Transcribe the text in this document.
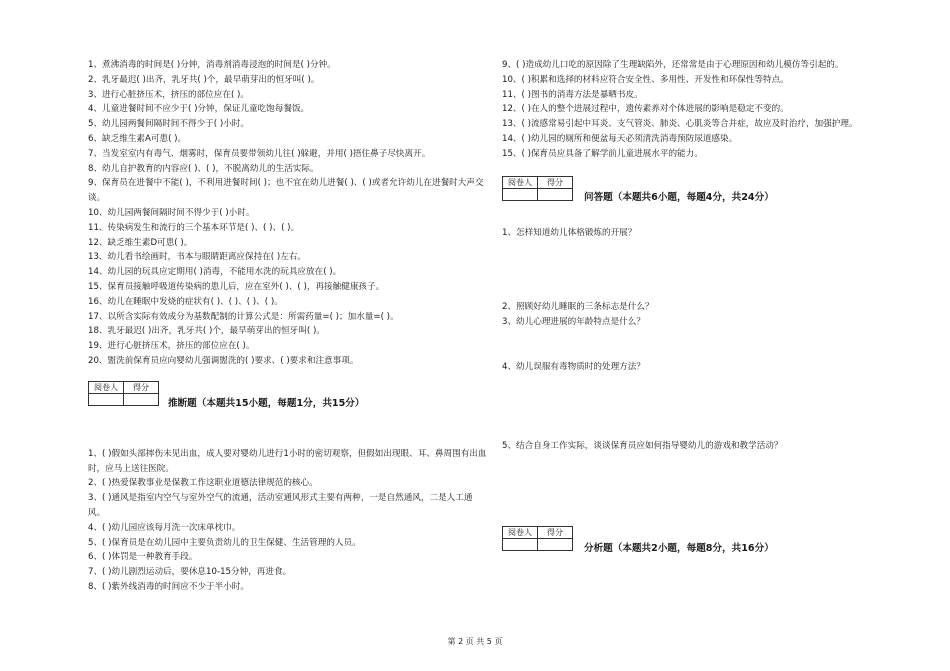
1、煮沸消毒的时间是( )分钟，消毒剂消毒浸泡的时间是( )分钟。

2、乳牙最迟( )出齐，乳牙共( )个，最早萌芽出的恒牙叫( )。

3、进行心脏挤压术，挤压的部位应在( )。

4、儿童进餐时间不应少于( )分钟，保证儿童吃饱每餐饭。

5、幼儿园两餐间隔时间不得少于( )小时。

6、缺乏维生素A可患( )。

7、当发室室内有毒气、烟雾时，保育员要带领幼儿往( )躲避，并用( )捂住鼻子尽快离开。

8、幼儿自护教育的内容应( )、( )，不脱离幼儿的生活实际。

9、保育员在进餐中不能( )，不利用进餐时间( )；也不宜在幼儿进餐( )、( )或者允许幼儿在进餐时大声交谈。

10、幼儿园两餐间隔时间不得少于( )小时。

11、传染病发生和流行的三个基本环节是( )、( )、( )。

12、缺乏维生素D可患( )。

13、幼儿看书绘画时，书本与眼睛距离应保持在( )左右。

14、幼儿园的玩具应定期用( )消毒，不能用水洗的玩具应放在( )。

15、保育员接触呼吸道传染病的患儿后，应在室外( )、( )，再接触健康孩子。

16、幼儿在睡眠中发烧的症状有( )、( )、( )、( )。

17、以所含实际有效成分为基数配制的计算公式是：所需药量=( )；加水量=( )。

18、乳牙最迟( )出齐，乳牙共( )个，最早萌芽出的恒牙叫( )。

19、进行心脏挤压术，挤压的部位应在( )。

20、盥洗前保育员应向婴幼儿强调盥洗的( )要求、( )要求和注意事项。

阅卷人	得分

推断题（本题共15小题，每题1分，共15分）

1、( )假如头部摔伤未见出血，成人要对婴幼儿进行1小时的密切观察，但假如出现眼、耳、鼻周围有出血时，应马上送往医院。

2、( )热爱保教事业是保教工作这职业道德法律规范的核心。

3、( )通风是指室内空气与室外空气的流通，活动室通风形式主要有两种，一是自然通风，二是人工通风。

4、( )幼儿园应该每月洗一次床单枕巾。

5、( )保育员是在幼儿园中主要负责幼儿的卫生保健、生活管理的人员。

6、( )体罚是一种教育手段。

7、( )幼儿剧烈运动后，要休息10-15分钟，再进食。

8、( )紫外线消毒的时间应不少于半小时。

9、( )造成幼儿口吃的原因除了生理缺陷外，还常常是由于心理原因和幼儿模仿等引起的。

10、( )积累和选择的材料应符合安全性、多用性、开发性和环保性等特点。

11、( )图书的消毒方法是暴晒书皮。

12、( )在人的整个进展过程中，遗传素养对个体进展的影响是稳定不变的。

13、( )流感常易引起中耳炎、支气管炎、肺炎、心肌炎等合并症，故应及时治疗，加强护理。

14、( )幼儿园的厕所和便盆每天必须清洗消毒预防尿道感染。

15、( )保育员应具备了解学前儿童进展水平的能力。

阅卷人	得分

问答题（本题共6小题，每题4分，共24分）

1、怎样知道幼儿体格锻炼的开展？

2、照顾好幼儿睡眠的三条标志是什么？

3、幼儿心理进展的年龄特点是什么？

4、幼儿误服有毒物质时的处理方法？

5、结合自身工作实际，谈谈保育员应如何指导婴幼儿的游戏和教学活动？

阅卷人	得分

分析题（本题共2小题，每题8分，共16分）
第 2 页 共 5 页
